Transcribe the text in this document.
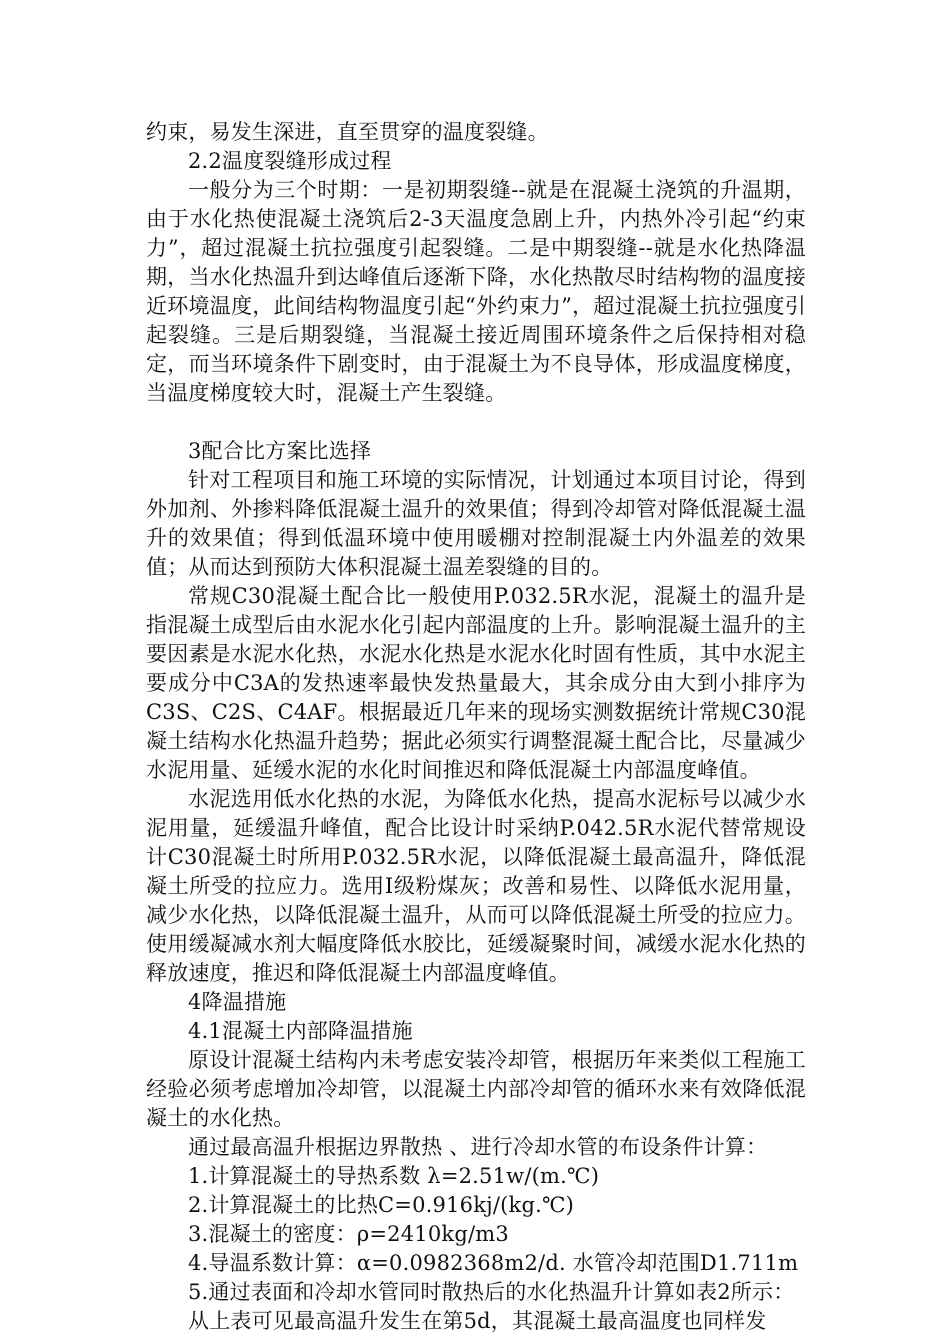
约束，易发生深进，直至贯穿的温度裂缝。

2.2温度裂缝形成过程

一般分为三个时期：一是初期裂缝--就是在混凝土浇筑的升温期，由于水化热使混凝土浇筑后2-3天温度急剧上升，内热外冷引起“约束力”，超过混凝土抗拉强度引起裂缝。二是中期裂缝--就是水化热降温期，当水化热温升到达峰值后逐渐下降，水化热散尽时结构物的温度接近环境温度，此间结构物温度引起“外约束力”，超过混凝土抗拉强度引起裂缝。三是后期裂缝，当混凝土接近周围环境条件之后保持相对稳定，而当环境条件下剧变时，由于混凝土为不良导体，形成温度梯度，当温度梯度较大时，混凝土产生裂缝。

3配合比方案比选择

针对工程项目和施工环境的实际情况，计划通过本项目讨论，得到外加剂、外掺料降低混凝土温升的效果值；得到冷却管对降低混凝土温升的效果值；得到低温环境中使用暖棚对控制混凝土内外温差的效果值；从而达到预防大体积混凝土温差裂缝的目的。

常规C30混凝土配合比一般使用P.032.5R水泥，混凝土的温升是指混凝土成型后由水泥水化引起内部温度的上升。影响混凝土温升的主要因素是水泥水化热，水泥水化热是水泥水化时固有性质，其中水泥主要成分中C3A的发热速率最快发热量最大，其余成分由大到小排序为C3S、C2S、C4AF。根据最近几年来的现场实测数据统计常规C30混凝土结构水化热温升趋势；据此必须实行调整混凝土配合比，尽量减少水泥用量、延缓水泥的水化时间推迟和降低混凝土内部温度峰值。

水泥选用低水化热的水泥，为降低水化热，提高水泥标号以减少水泥用量，延缓温升峰值，配合比设计时采纳P.042.5R水泥代替常规设计C30混凝土时所用P.032.5R水泥，以降低混凝土最高温升，降低混凝土所受的拉应力。选用Ⅰ级粉煤灰；改善和易性、以降低水泥用量，减少水化热，以降低混凝土温升，从而可以降低混凝土所受的拉应力。使用缓凝减水剂大幅度降低水胶比，延缓凝聚时间，减缓水泥水化热的释放速度，推迟和降低混凝土内部温度峰值。

4降温措施

4.1混凝土内部降温措施

原设计混凝土结构内未考虑安装冷却管，根据历年来类似工程施工经验必须考虑增加冷却管，以混凝土内部冷却管的循环水来有效降低混凝土的水化热。

通过最高温升根据边界散热 、进行冷却水管的布设条件计算：

1.计算混凝土的导热系数 λ=2.51w/(m.℃)

2.计算混凝土的比热C=0.916kj/(kg.℃)

3.混凝土的密度：ρ=2410kg/m3

4.导温系数计算：α=0.0982368m2/d. 水管冷却范围D1.711m

5.通过表面和冷却水管同时散热后的水化热温升计算如表2所示：

从上表可见最高温升发生在第5d，其混凝土最高温度也同样发
